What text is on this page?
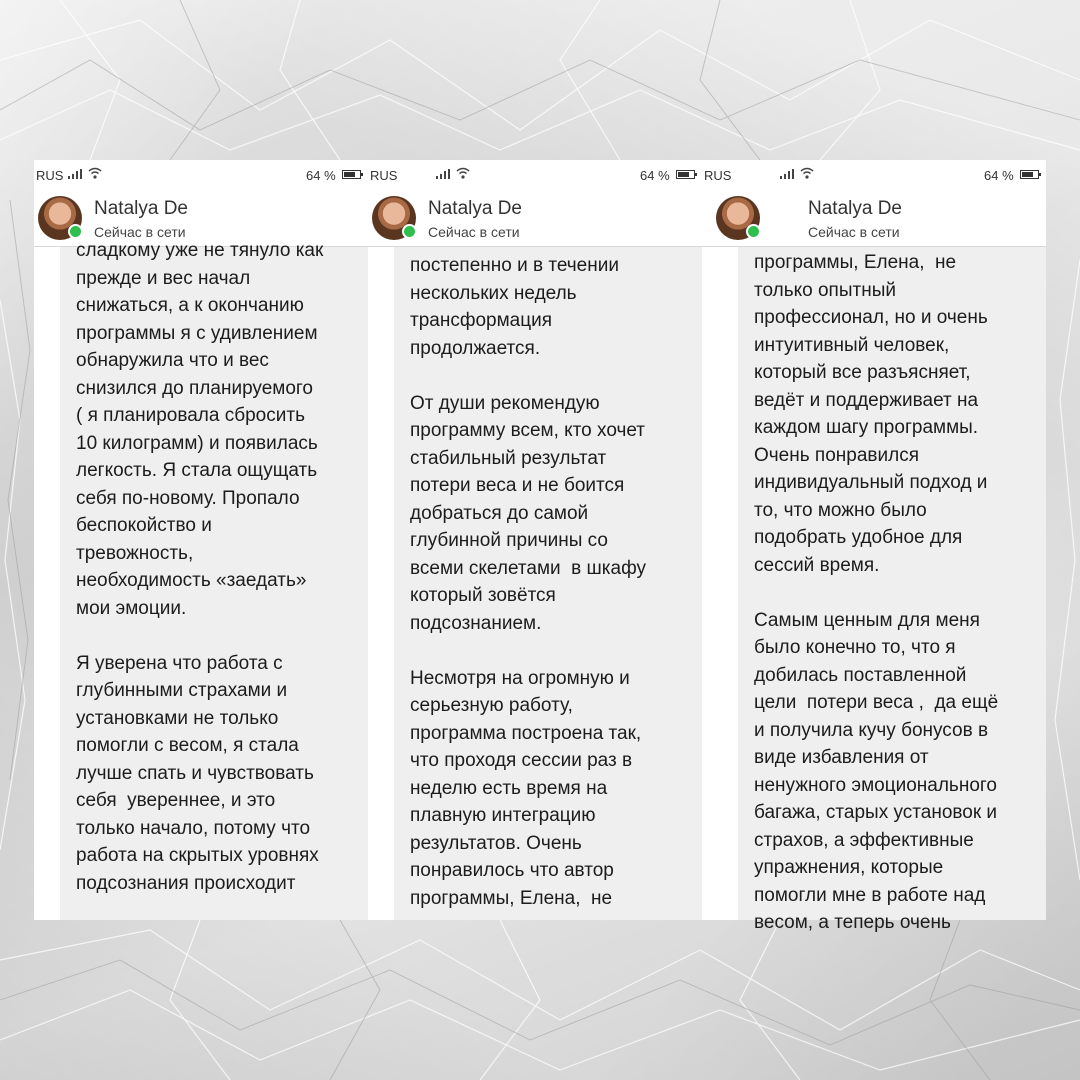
RUS	64 %
Natalya De
Сейчас в сети

сладкому уже не тянуло как
прежде и вес начал
снижаться, а к окончанию
программы я с удивлением
обнаружила что и вес
снизился до планируемого
( я планировала сбросить
10 килограмм) и появилась
легкость. Я стала ощущать
себя по-новому. Пропало
беспокойство и
тревожность,
необходимость «заедать»
мои эмоции.

Я уверена что работа с
глубинными страхами и
установками не только
помогли с весом, я стала
лучше спать и чувствовать
себя  увереннее, и это
только начало, потому что
работа на скрытых уровнях
подсознания происходит

RUS	64 %
Natalya De
Сейчас в сети

постепенно и в течении
нескольких недель
трансформация
продолжается.

От души рекомендую
программу всем, кто хочет
стабильный результат
потери веса и не боится
добраться до самой
глубинной причины со
всеми скелетами  в шкафу
который зовётся
подсознанием.

Несмотря на огромную и
серьезную работу,
программа построена так,
что проходя сессии раз в
неделю есть время на
плавную интеграцию
результатов. Очень
понравилось что автор
программы, Елена,  не

RUS	64 %
Natalya De
Сейчас в сети

программы, Елена,  не
только опытный
профессионал, но и очень
интуитивный человек,
который все разъясняет,
ведёт и поддерживает на
каждом шагу программы.
Очень понравился
индивидуальный подход и
то, что можно было
подобрать удобное для
сессий время.

Самым ценным для меня
было конечно то, что я
добилась поставленной
цели  потери веса ,  да ещё
и получила кучу бонусов в
виде избавления от
ненужного эмоционального
багажа, старых установок и
страхов, а эффективные
упражнения, которые
помогли мне в работе над
весом, а теперь очень
